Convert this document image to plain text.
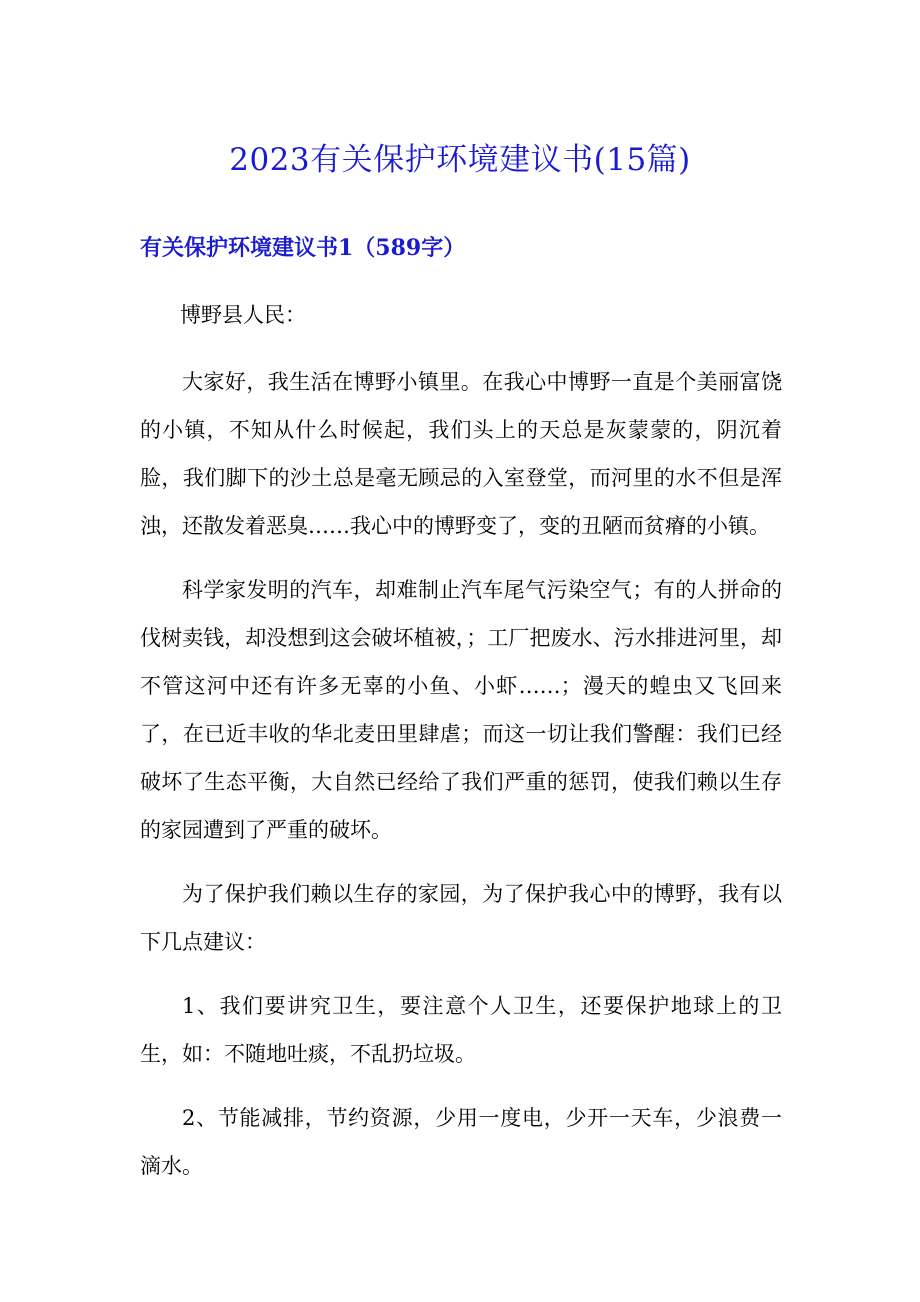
2023有关保护环境建议书(15篇)
有关保护环境建议书1（589字）
博野县人民：

大家好，我生活在博野小镇里。在我心中博野一直是个美丽富饶的小镇，不知从什么时候起，我们头上的天总是灰蒙蒙的，阴沉着脸，我们脚下的沙土总是毫无顾忌的入室登堂，而河里的水不但是浑浊，还散发着恶臭……我心中的博野变了，变的丑陋而贫瘠的小镇。

科学家发明的汽车，却难制止汽车尾气污染空气；有的人拼命的伐树卖钱，却没想到这会破坏植被，；工厂把废水、污水排进河里，却不管这河中还有许多无辜的小鱼、小虾……；漫天的蝗虫又飞回来了，在已近丰收的华北麦田里肆虐；而这一切让我们警醒：我们已经破坏了生态平衡，大自然已经给了我们严重的惩罚，使我们赖以生存的家园遭到了严重的破坏。

为了保护我们赖以生存的家园，为了保护我心中的博野，我有以下几点建议：

1、我们要讲究卫生，要注意个人卫生，还要保护地球上的卫生，如：不随地吐痰，不乱扔垃圾。

2、节能减排，节约资源，少用一度电，少开一天车，少浪费一滴水。
